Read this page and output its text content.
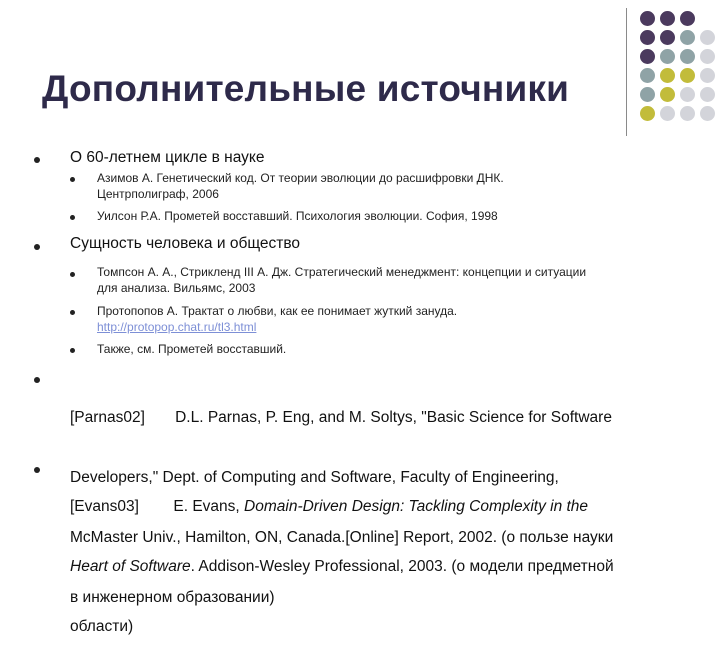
Дополнительные источники
О 60-летнем цикле в науке
Азимов А. Генетический код. От теории эволюции до расшифровки ДНК.
Центрполиграф, 2006
Уилсон Р.А. Прометей восставший. Психология эволюции. София, 1998
Сущность человека и общество
Томпсон А. А., Стрикленд III А. Дж. Стратегический менеджмент: концепции и ситуации
для анализа. Вильямс, 2003
Протопопов А. Трактат о любви, как ее понимает жуткий зануда.
http://protopop.chat.ru/tl3.html
Также, см. Прометей восставший.

[Parnas02]       D.L. Parnas, P. Eng, and M. Soltys, "Basic Science for Software

Developers," Dept. of Computing and Software, Faculty of Engineering,

McMaster Univ., Hamilton, ON, Canada.[Online] Report, 2002. (о пользе науки

в инженерном образовании)

[Evans03]        E. Evans, Domain-Driven Design: Tackling Complexity in the

Heart of Software. Addison-Wesley Professional, 2003. (о модели предметной

области)
